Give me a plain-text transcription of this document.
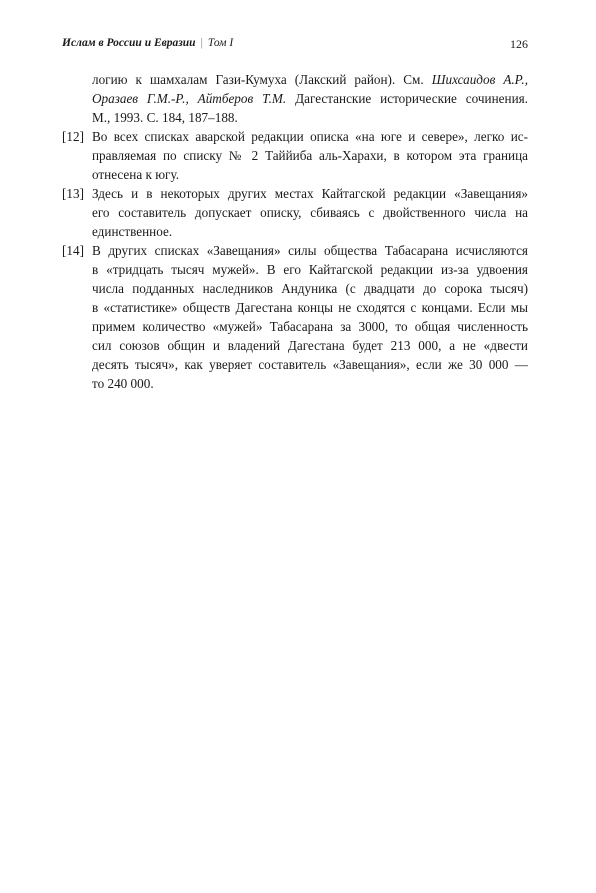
Ислам в России и Евразии | Том I	126
логию к шамхалам Гази-Кумуха (Лакский район). См. Шихсаидов А.Р.,
Оразаев Г.М.-Р., Айтберов Т.М. Дагестанские исторические сочинения.
М., 1993. С. 184, 187–188.
[12] Во всех списках аварской редакции описка «на юге и севере», легко ис-
правляемая по списку № 2 Таййиба аль-Харахи, в котором эта граница
отнесена к югу.
[13] Здесь и в некоторых других местах Кайтагской редакции «Завещания»
его составитель допускает описку, сбиваясь с двойственного числа на
единственное.
[14] В других списках «Завещания» силы общества Табасарана исчисляются
в «тридцать тысяч мужей». В его Кайтагской редакции из-за удвоения
числа подданных наследников Андуника (с двадцати до сорока тысяч)
в «статистике» обществ Дагестана концы не сходятся с концами. Если мы
примем количество «мужей» Табасарана за 3000, то общая численность
сил союзов общин и владений Дагестана будет 213 000, а не «двести
десять тысяч», как уверяет составитель «Завещания», если же 30 000 —
то 240 000.
